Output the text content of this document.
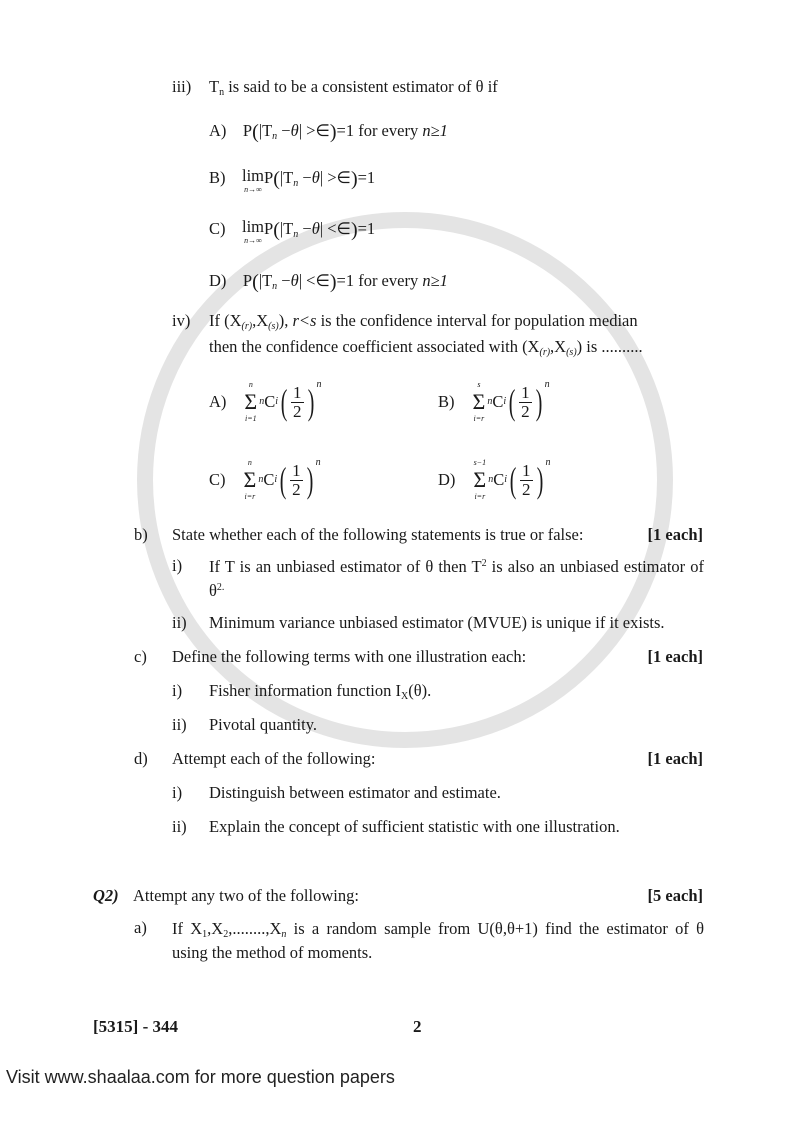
iii) $T_n$ is said to be a consistent estimator of θ if
A) $P(|T_n -\theta|$ >∈)=1 for every n≥1
B) lim
n→∞
$P(|T_n -\theta|$ >∈)=1
C) lim
n→∞
$P(|T_n -\theta|$ <∈)=1
D) $P(|T_n -\theta|$ <∈)=1 for every n≥1
iv) If $(X_{(r)},X_{(s)})$, r<s is the confidence interval for population median
then the confidence coefficient associated with $(X_{(r)},X_{(s)})$ is ..........
A)
n
Σ
i=1
n C i ( $\frac{1}{2}$ ) n
B)
s
Σ
i=r
n C i ( $\frac{1}{2}$ ) n
C)
n
Σ
i=r
n C i ( $\frac{1}{2}$ ) n
D)
s−1
Σ
i=r
n C i ( $\frac{1}{2}$ ) n
b) State whether each of the following statements is true or false:	[1 each]
i) If T is an unbiased estimator of θ then $T^2$ is also an unbiased estimator of $\theta^{2.}$
ii) Minimum variance unbiased estimator (MVUE) is unique if it exists.
c) Define the following terms with one illustration each:	[1 each]
i) Fisher information function $I_X(\theta)$.
ii) Pivotal quantity.
d) Attempt each of the following:	[1 each]
i) Distinguish between estimator and estimate.
ii) Explain the concept of sufficient statistic with one illustration.
Q2) Attempt any two of the following:	[5 each]
a) If $X_1,X_2,........,X_n$ is a random sample from U(θ,θ+1) find the estimator of θ using the method of moments.
[5315] - 344	2
Visit www.shaalaa.com for more question papers
